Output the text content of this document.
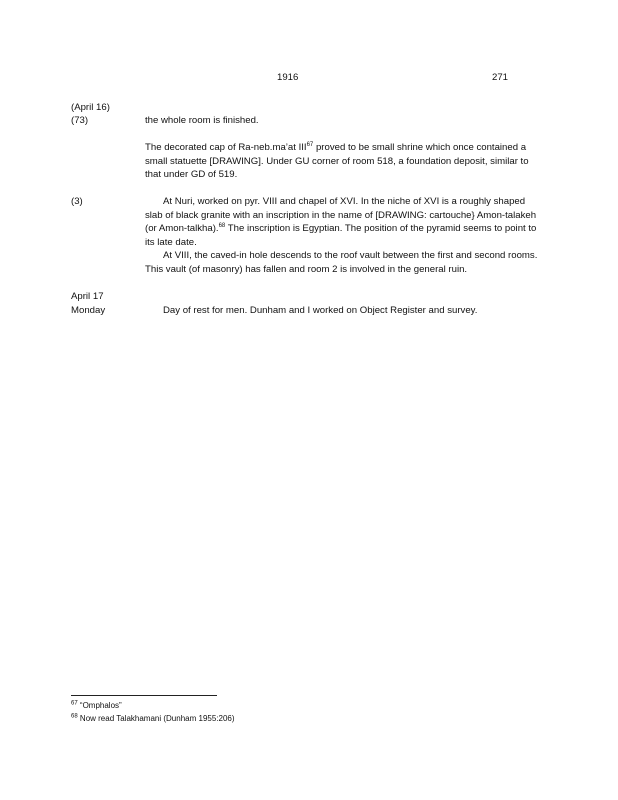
1916	271
(April 16)
(73)	the whole room is finished.

The decorated cap of Ra-neb.ma’at III$^{67}$ proved to be small shrine which once contained a small statuette [DRAWING]. Under GU corner of room 518, a foundation deposit, similar to that under GD of 519.

(3)	At Nuri, worked on pyr. VIII and chapel of XVI. In the niche of XVI is a roughly shaped slab of black granite with an inscription in the name of [DRAWING: cartouche} Amon-talakeh (or Amon-talkha).$^{68}$ The inscription is Egyptian. The position of the pyramid seems to point to its late date.

At VIII, the caved-in hole descends to the roof vault between the first and second rooms. This vault (of masonry) has fallen and room 2 is involved in the general ruin.

April 17
Monday	Day of rest for men. Dunham and I worked on Object Register and survey.

$^{67}$ “Omphalos”
$^{68}$ Now read Talakhamani (Dunham 1955:206)
